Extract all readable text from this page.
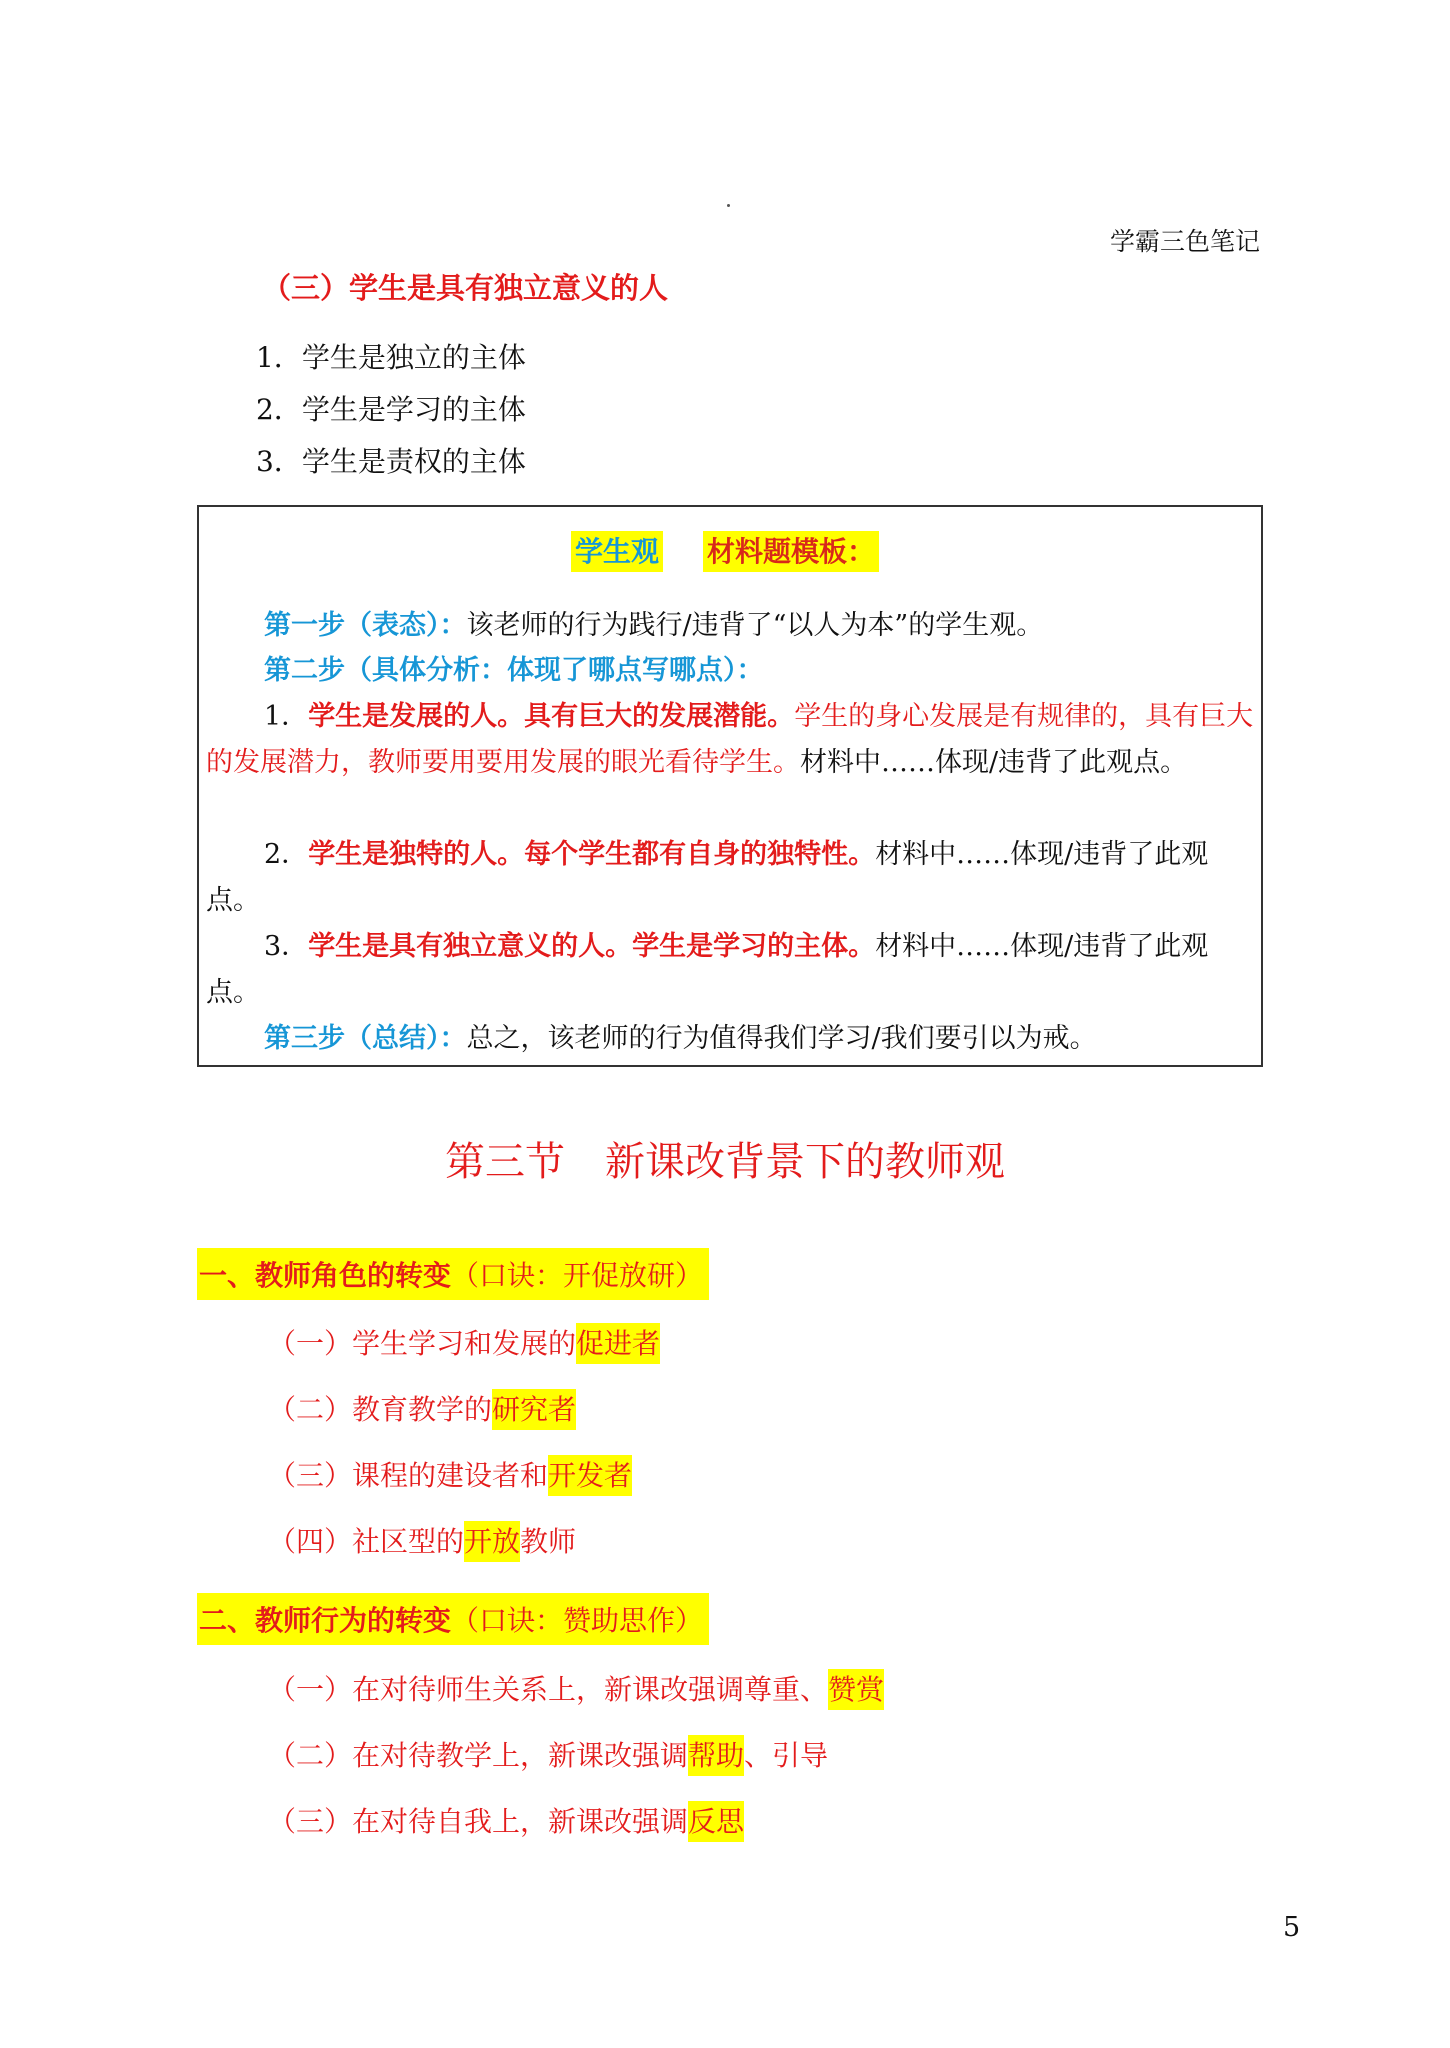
学霸三色笔记
（三）学生是具有独立意义的人
1．学生是独立的主体
2．学生是学习的主体
3．学生是责权的主体
学生观 材料题模板：
第一步（表态）：该老师的行为践行/违背了“以人为本”的学生观。
第二步（具体分析：体现了哪点写哪点）：
1．学生是发展的人。具有巨大的发展潜能。学生的身心发展是有规律的，具有巨大的发展潜力，教师要用要用发展的眼光看待学生。材料中……体现/违背了此观点。
2．学生是独特的人。每个学生都有自身的独特性。材料中……体现/违背了此观点。
3．学生是具有独立意义的人。学生是学习的主体。材料中……体现/违背了此观点。
第三步（总结）：总之，该老师的行为值得我们学习/我们要引以为戒。
第三节　新课改背景下的教师观
一、教师角色的转变（口诀：开促放研）
（一）学生学习和发展的促进者
（二）教育教学的研究者
（三）课程的建设者和开发者
（四）社区型的开放教师
二、教师行为的转变（口诀：赞助思作）
（一）在对待师生关系上，新课改强调尊重、赞赏
（二）在对待教学上，新课改强调帮助、引导
（三）在对待自我上，新课改强调反思
5
